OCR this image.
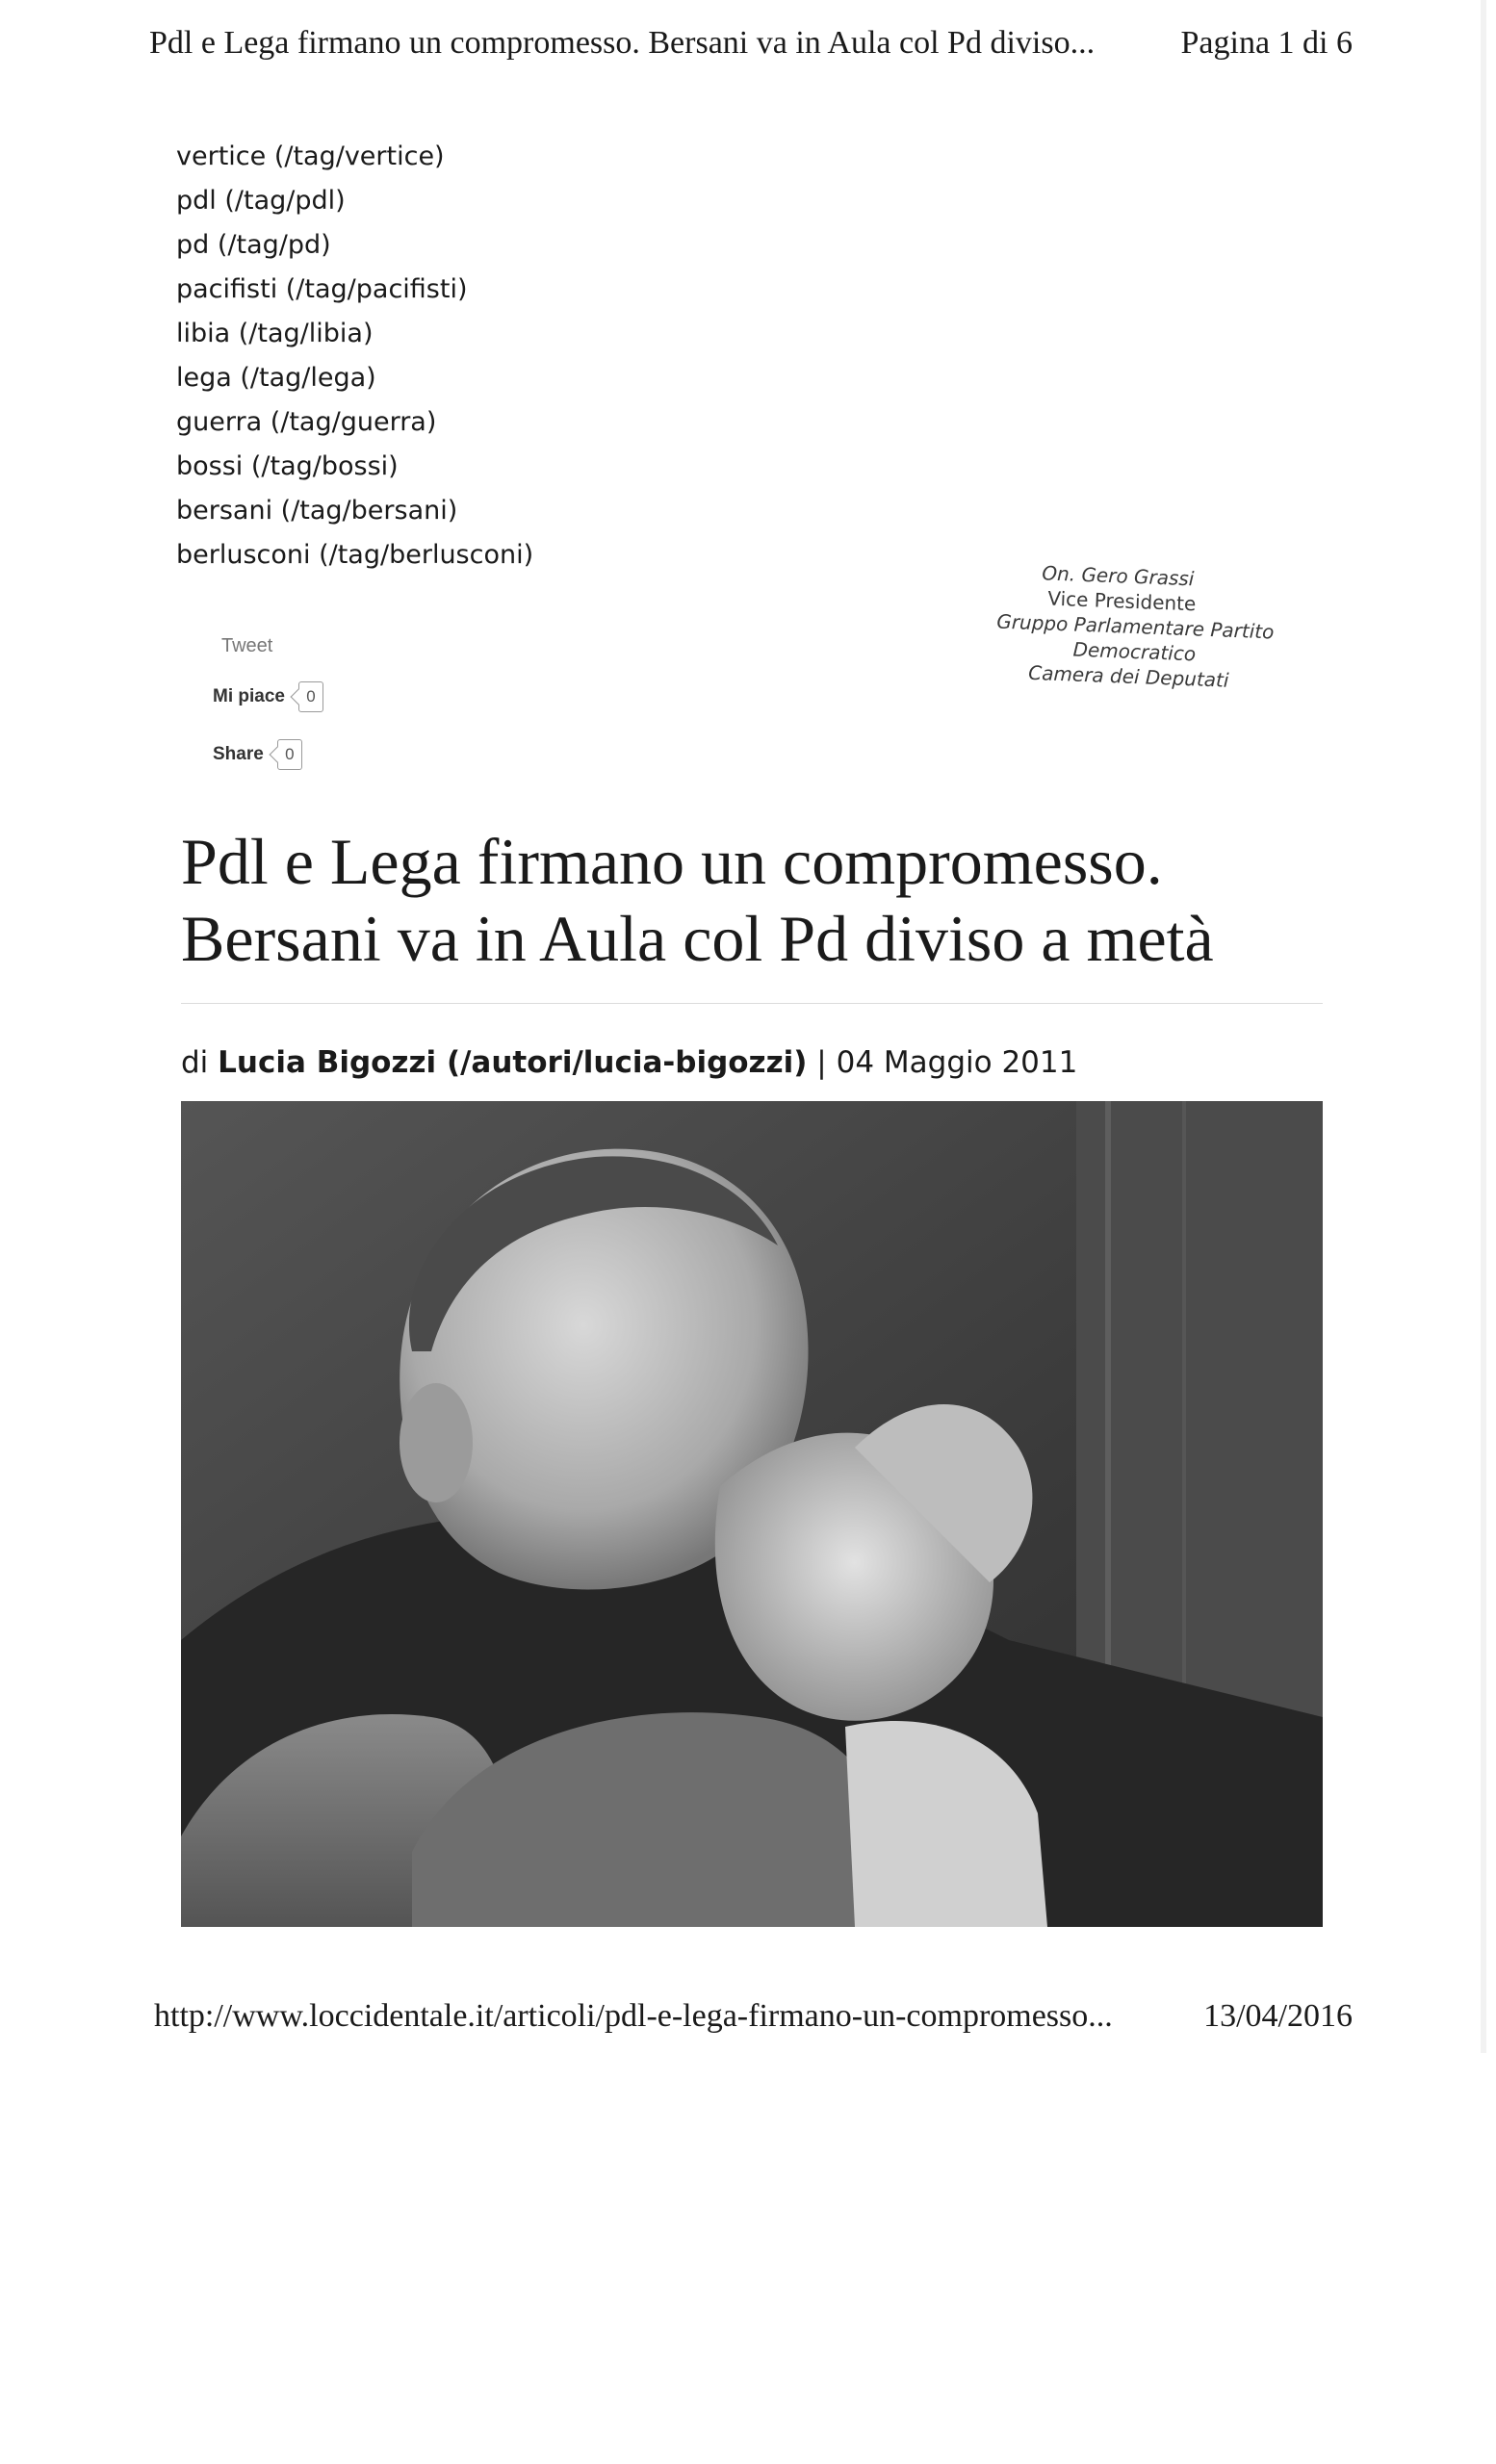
Pdl e Lega firmano un compromesso. Bersani va in Aula col Pd diviso...	Pagina 1 di 6
vertice (/tag/vertice)
pdl (/tag/pdl)
pd (/tag/pd)
pacifisti (/tag/pacifisti)
libia (/tag/libia)
lega (/tag/lega)
guerra (/tag/guerra)
bossi (/tag/bossi)
bersani (/tag/bersani)
berlusconi (/tag/berlusconi)
On. Gero Grassi
Vice Presidente
Gruppo Parlamentare Partito Democratico
Camera dei Deputati
Tweet
Mi piace	0
Share	0
Pdl e Lega firmano un compromesso.
Bersani va in Aula col Pd diviso a metà
di Lucia Bigozzi (/autori/lucia-bigozzi) | 04 Maggio 2011
http://www.loccidentale.it/articoli/pdl-e-lega-firmano-un-compromesso...	13/04/2016
